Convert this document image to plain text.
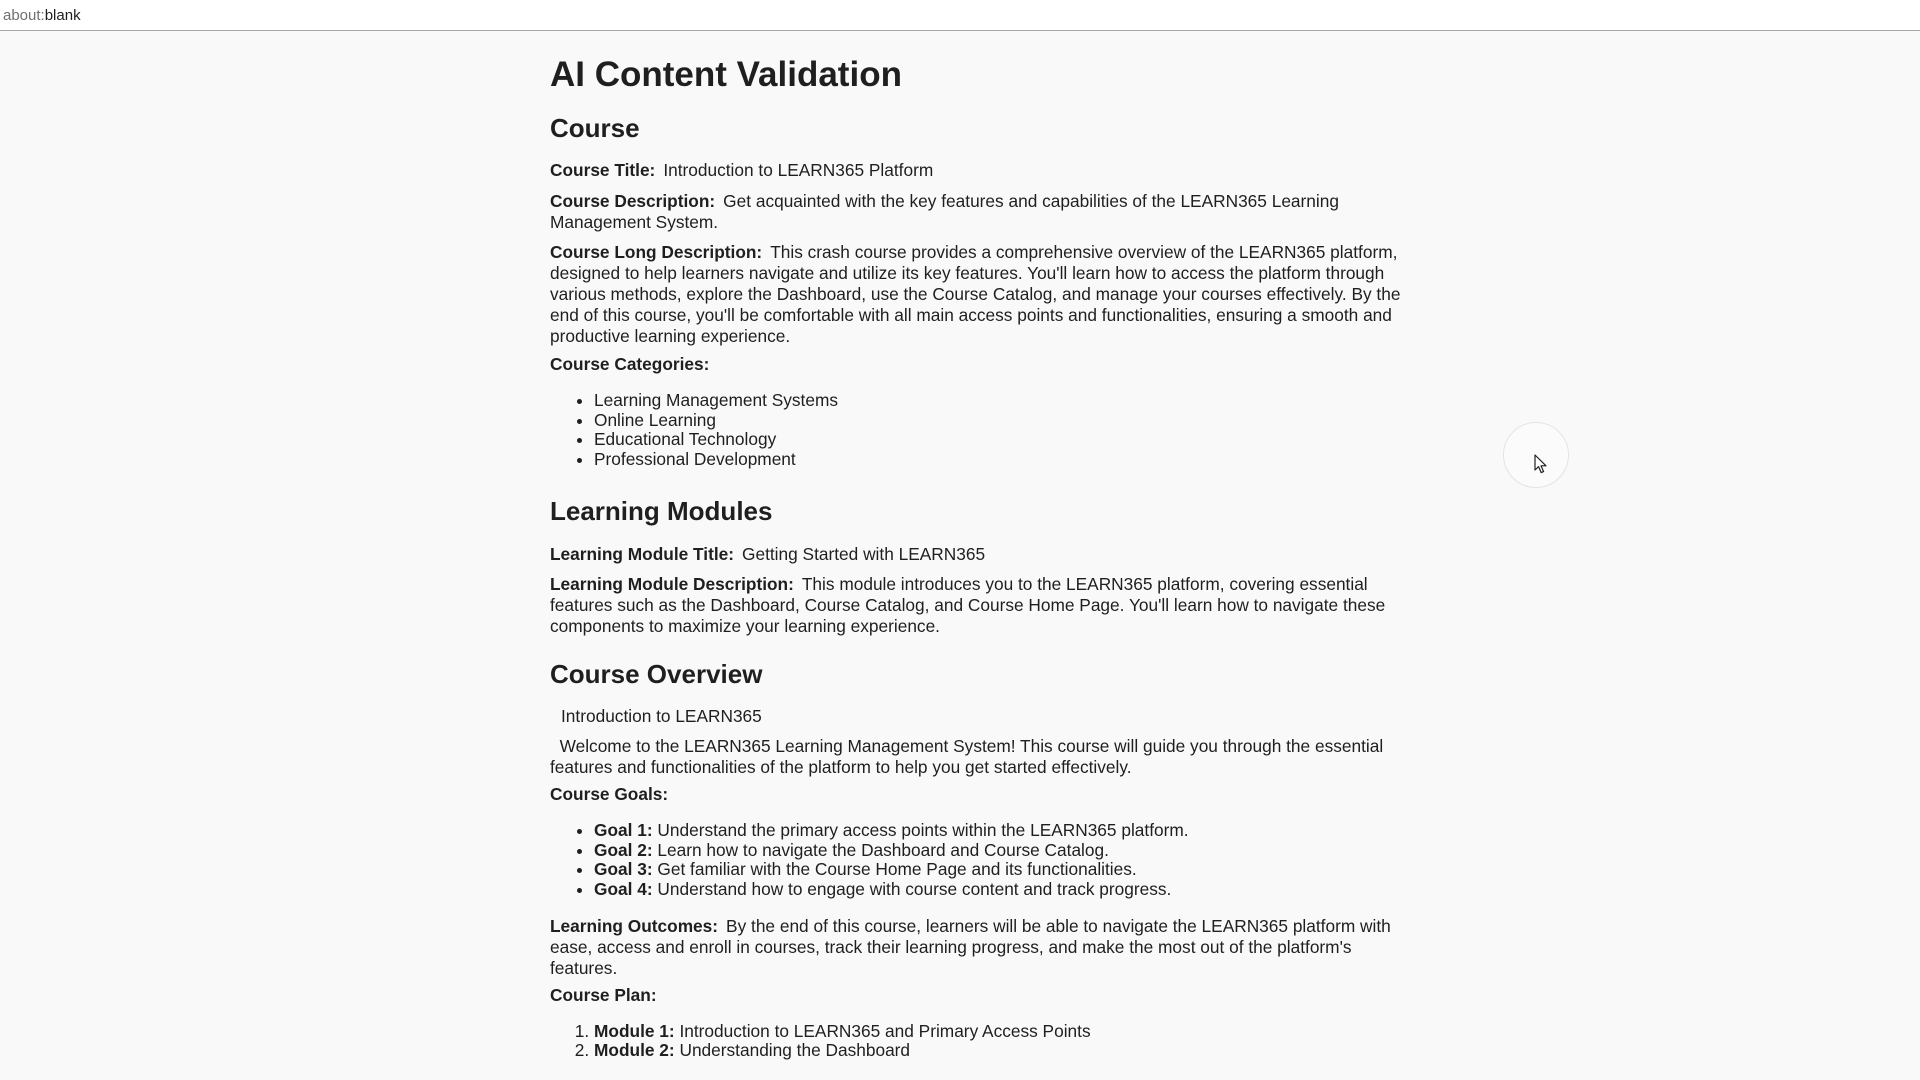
about:blank
AI Content Validation
Course

Course Title: Introduction to LEARN365 Platform

Course Description: Get acquainted with the key features and capabilities of the LEARN365 Learning Management System.

Course Long Description: This crash course provides a comprehensive overview of the LEARN365 platform, designed to help learners navigate and utilize its key features. You'll learn how to access the platform through various methods, explore the Dashboard, use the Course Catalog, and manage your courses effectively. By the end of this course, you'll be comfortable with all main access points and functionalities, ensuring a smooth and productive learning experience.

Course Categories:

• Learning Management Systems
• Online Learning
• Educational Technology
• Professional Development
Learning Modules

Learning Module Title: Getting Started with LEARN365

Learning Module Description: This module introduces you to the LEARN365 platform, covering essential features such as the Dashboard, Course Catalog, and Course Home Page. You'll learn how to navigate these components to maximize your learning experience.

Course Overview

Introduction to LEARN365

Welcome to the LEARN365 Learning Management System! This course will guide you through the essential features and functionalities of the platform to help you get started effectively.

Course Goals:

• Goal 1: Understand the primary access points within the LEARN365 platform.
• Goal 2: Learn how to navigate the Dashboard and Course Catalog.
• Goal 3: Get familiar with the Course Home Page and its functionalities.
• Goal 4: Understand how to engage with course content and track progress.

Learning Outcomes: By the end of this course, learners will be able to navigate the LEARN365 platform with ease, access and enroll in courses, track their learning progress, and make the most out of the platform's features.

Course Plan:

1. Module 1: Introduction to LEARN365 and Primary Access Points
2. Module 2: Understanding the Dashboard
